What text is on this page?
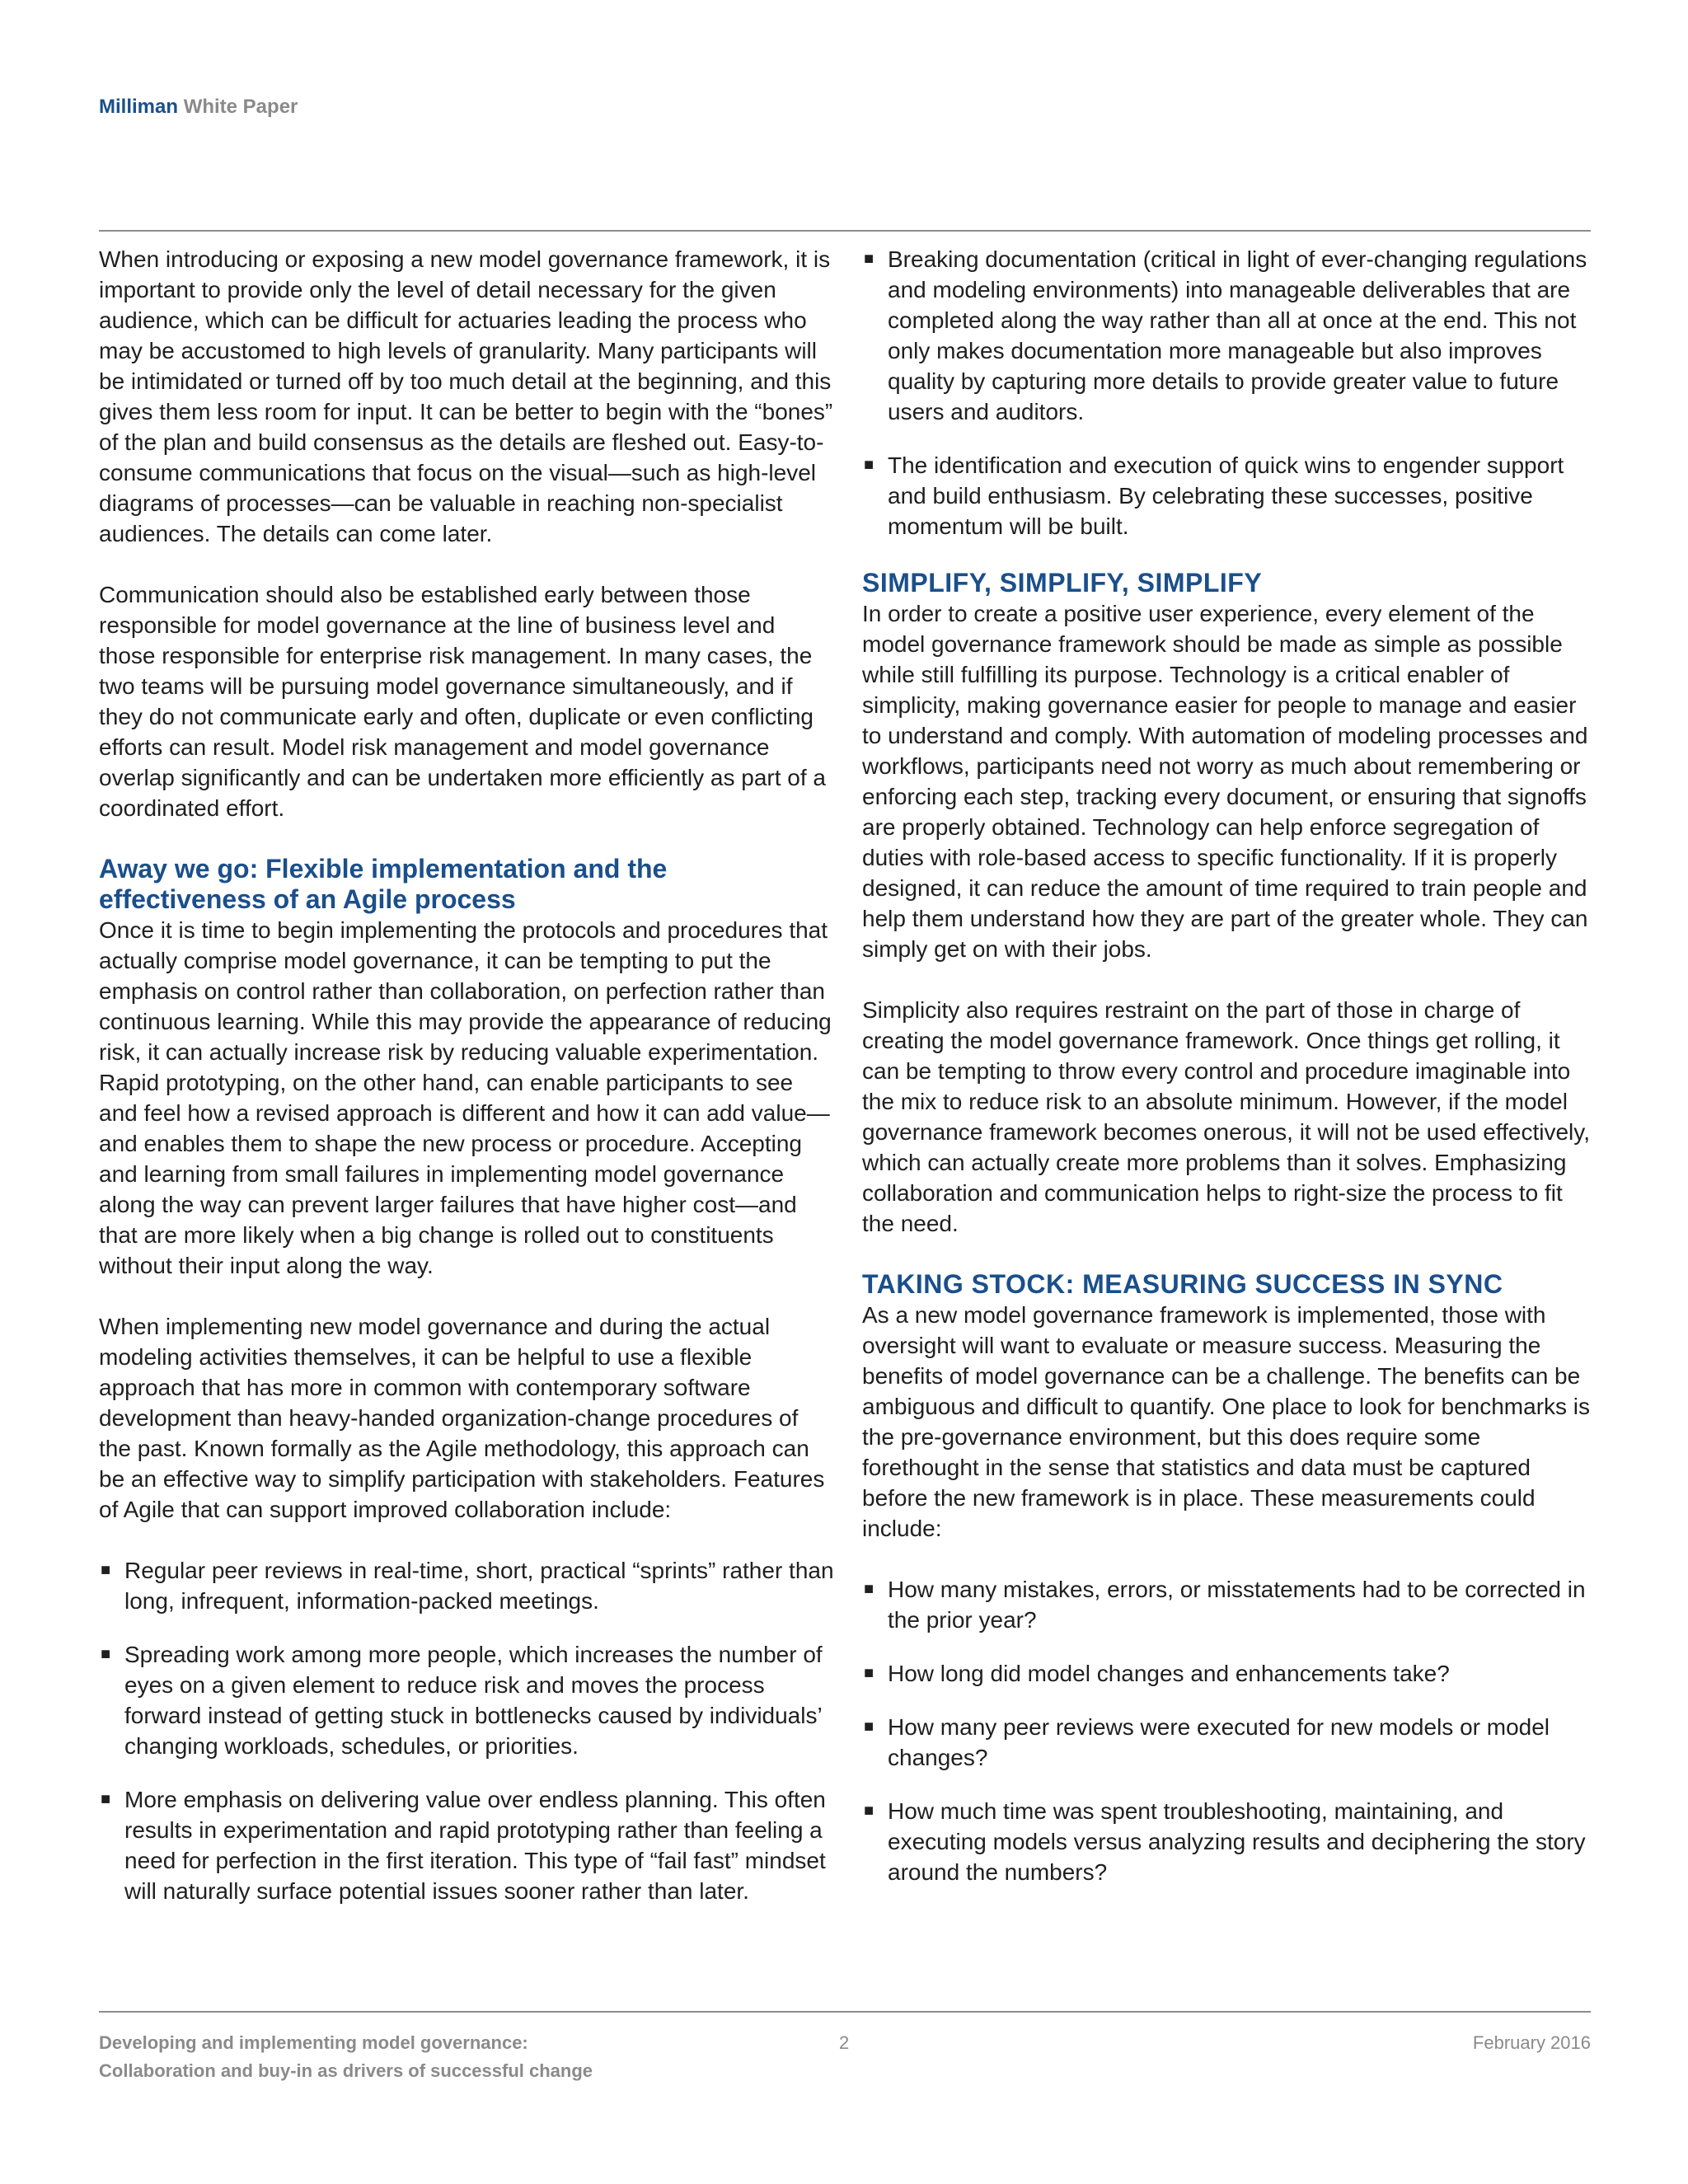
Milliman White Paper

When introducing or exposing a new model governance framework, it is important to provide only the level of detail necessary for the given audience, which can be difficult for actuaries leading the process who may be accustomed to high levels of granularity. Many participants will be intimidated or turned off by too much detail at the beginning, and this gives them less room for input. It can be better to begin with the “bones” of the plan and build consensus as the details are fleshed out. Easy-to-consume communications that focus on the visual—such as high-level diagrams of processes—can be valuable in reaching non-specialist audiences. The details can come later.

Communication should also be established early between those responsible for model governance at the line of business level and those responsible for enterprise risk management. In many cases, the two teams will be pursuing model governance simultaneously, and if they do not communicate early and often, duplicate or even conflicting efforts can result. Model risk management and model governance overlap significantly and can be undertaken more efficiently as part of a coordinated effort.

Away we go: Flexible implementation and the effectiveness of an Agile process

Once it is time to begin implementing the protocols and procedures that actually comprise model governance, it can be tempting to put the emphasis on control rather than collaboration, on perfection rather than continuous learning. While this may provide the appearance of reducing risk, it can actually increase risk by reducing valuable experimentation. Rapid prototyping, on the other hand, can enable participants to see and feel how a revised approach is different and how it can add value—and enables them to shape the new process or procedure. Accepting and learning from small failures in implementing model governance along the way can prevent larger failures that have higher cost—and that are more likely when a big change is rolled out to constituents without their input along the way.

When implementing new model governance and during the actual modeling activities themselves, it can be helpful to use a flexible approach that has more in common with contemporary software development than heavy-handed organization-change procedures of the past. Known formally as the Agile methodology, this approach can be an effective way to simplify participation with stakeholders. Features of Agile that can support improved collaboration include:

■ Regular peer reviews in real-time, short, practical “sprints” rather than long, infrequent, information-packed meetings.
■ Spreading work among more people, which increases the number of eyes on a given element to reduce risk and moves the process forward instead of getting stuck in bottlenecks caused by individuals’ changing workloads, schedules, or priorities.
■ More emphasis on delivering value over endless planning. This often results in experimentation and rapid prototyping rather than feeling a need for perfection in the first iteration. This type of “fail fast” mindset will naturally surface potential issues sooner rather than later.
■ Breaking documentation (critical in light of ever-changing regulations and modeling environments) into manageable deliverables that are completed along the way rather than all at once at the end. This not only makes documentation more manageable but also improves quality by capturing more details to provide greater value to future users and auditors.
■ The identification and execution of quick wins to engender support and build enthusiasm. By celebrating these successes, positive momentum will be built.
SIMPLIFY, SIMPLIFY, SIMPLIFY

In order to create a positive user experience, every element of the model governance framework should be made as simple as possible while still fulfilling its purpose. Technology is a critical enabler of simplicity, making governance easier for people to manage and easier to understand and comply. With automation of modeling processes and workflows, participants need not worry as much about remembering or enforcing each step, tracking every document, or ensuring that signoffs are properly obtained. Technology can help enforce segregation of duties with role-based access to specific functionality. If it is properly designed, it can reduce the amount of time required to train people and help them understand how they are part of the greater whole. They can simply get on with their jobs.

Simplicity also requires restraint on the part of those in charge of creating the model governance framework. Once things get rolling, it can be tempting to throw every control and procedure imaginable into the mix to reduce risk to an absolute minimum. However, if the model governance framework becomes onerous, it will not be used effectively, which can actually create more problems than it solves. Emphasizing collaboration and communication helps to right-size the process to fit the need.

TAKING STOCK: MEASURING SUCCESS IN SYNC

As a new model governance framework is implemented, those with oversight will want to evaluate or measure success. Measuring the benefits of model governance can be a challenge. The benefits can be ambiguous and difficult to quantify. One place to look for benchmarks is the pre-governance environment, but this does require some forethought in the sense that statistics and data must be captured before the new framework is in place. These measurements could include:

■ How many mistakes, errors, or misstatements had to be corrected in the prior year?
■ How long did model changes and enhancements take?
■ How many peer reviews were executed for new models or model changes?
■ How much time was spent troubleshooting, maintaining, and executing models versus analyzing results and deciphering the story around the numbers?
Developing and implementing model governance:
Collaboration and buy-in as drivers of successful change
2	February 2016
